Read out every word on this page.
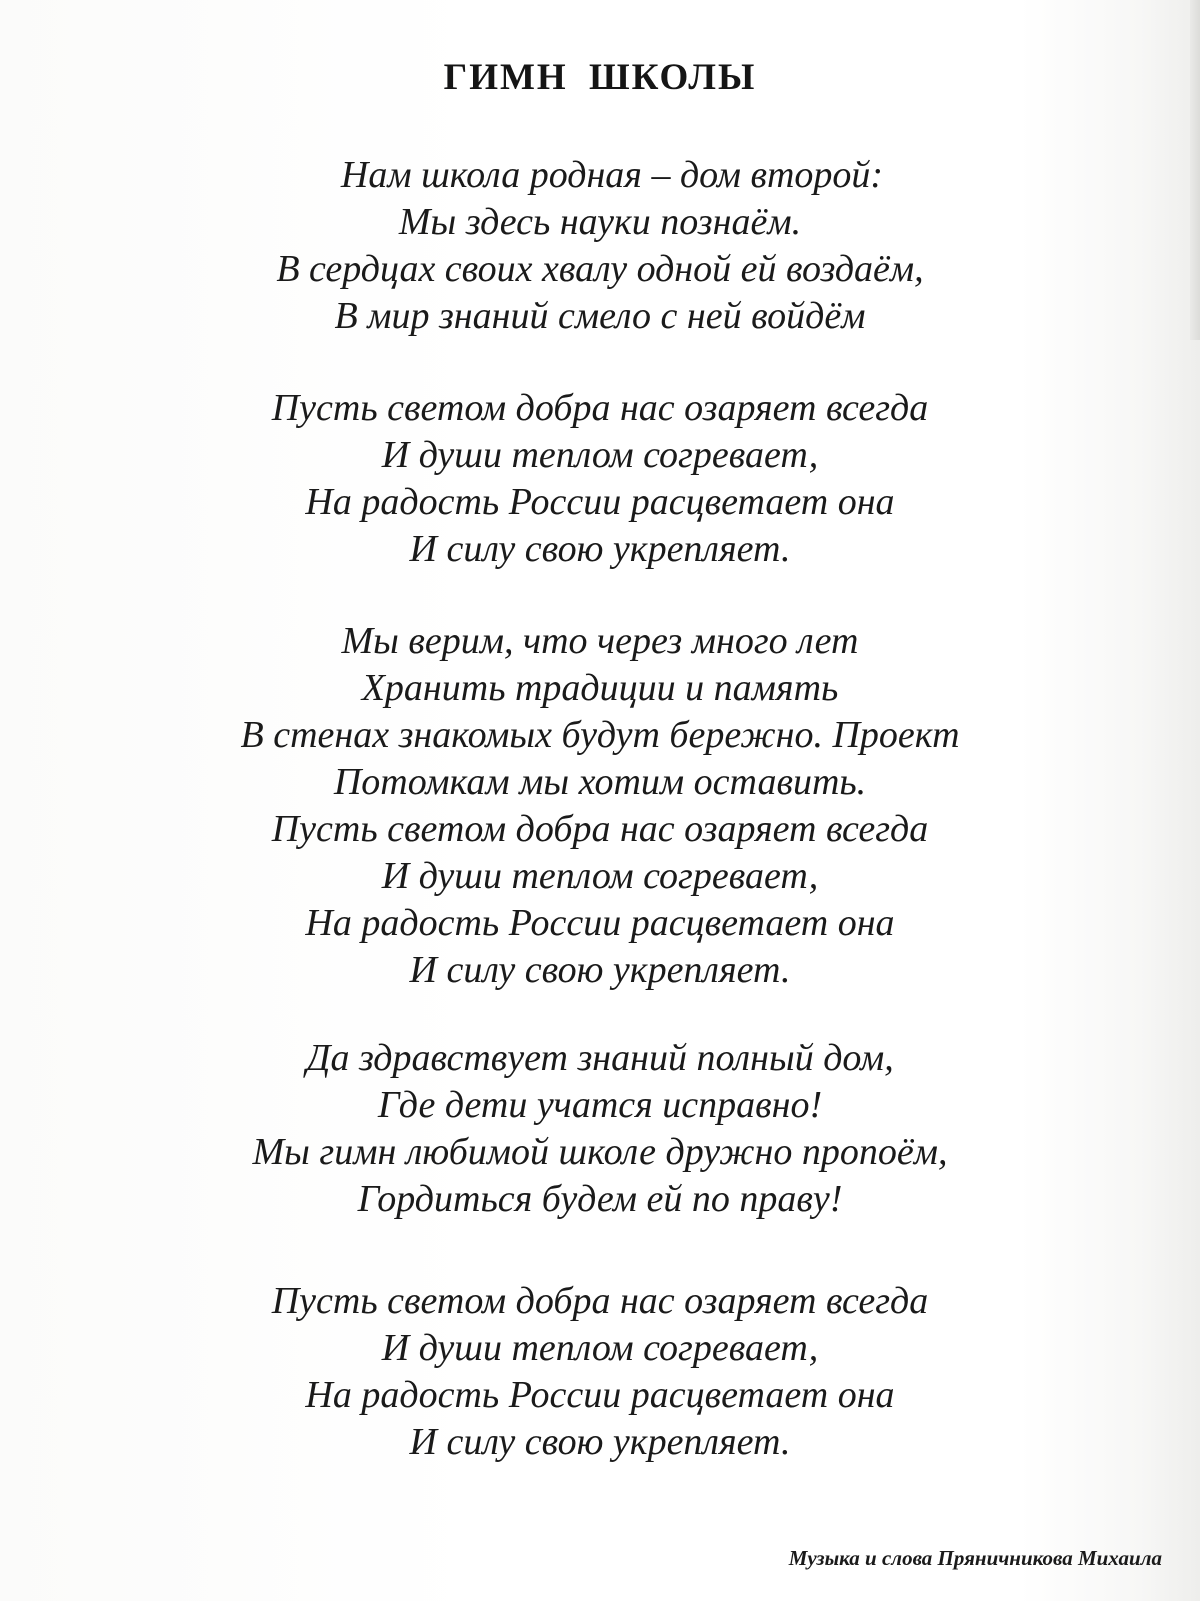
ГИМН ШКОЛЫ
Нам школа родная – дом второй:
Мы здесь науки познаём.
В сердцах своих хвалу одной ей воздаём,
В мир знаний смело с ней войдём
Пусть светом добра нас озаряет всегда
И души теплом согревает,
На радость России расцветает она
И силу свою укрепляет.
Мы верим, что через много лет
Хранить традиции и память
В стенах знакомых будут бережно. Проект
Потомкам мы хотим оставить.
Пусть светом добра нас озаряет всегда
И души теплом согревает,
На радость России расцветает она
И силу свою укрепляет.
Да здравствует знаний полный дом,
Где дети учатся исправно!
Мы гимн любимой школе дружно пропоём,
Гордиться будем ей по праву!
Пусть светом добра нас озаряет всегда
И души теплом согревает,
На радость России расцветает она
И силу свою укрепляет.
Музыка и слова Пряничникова Михаила
